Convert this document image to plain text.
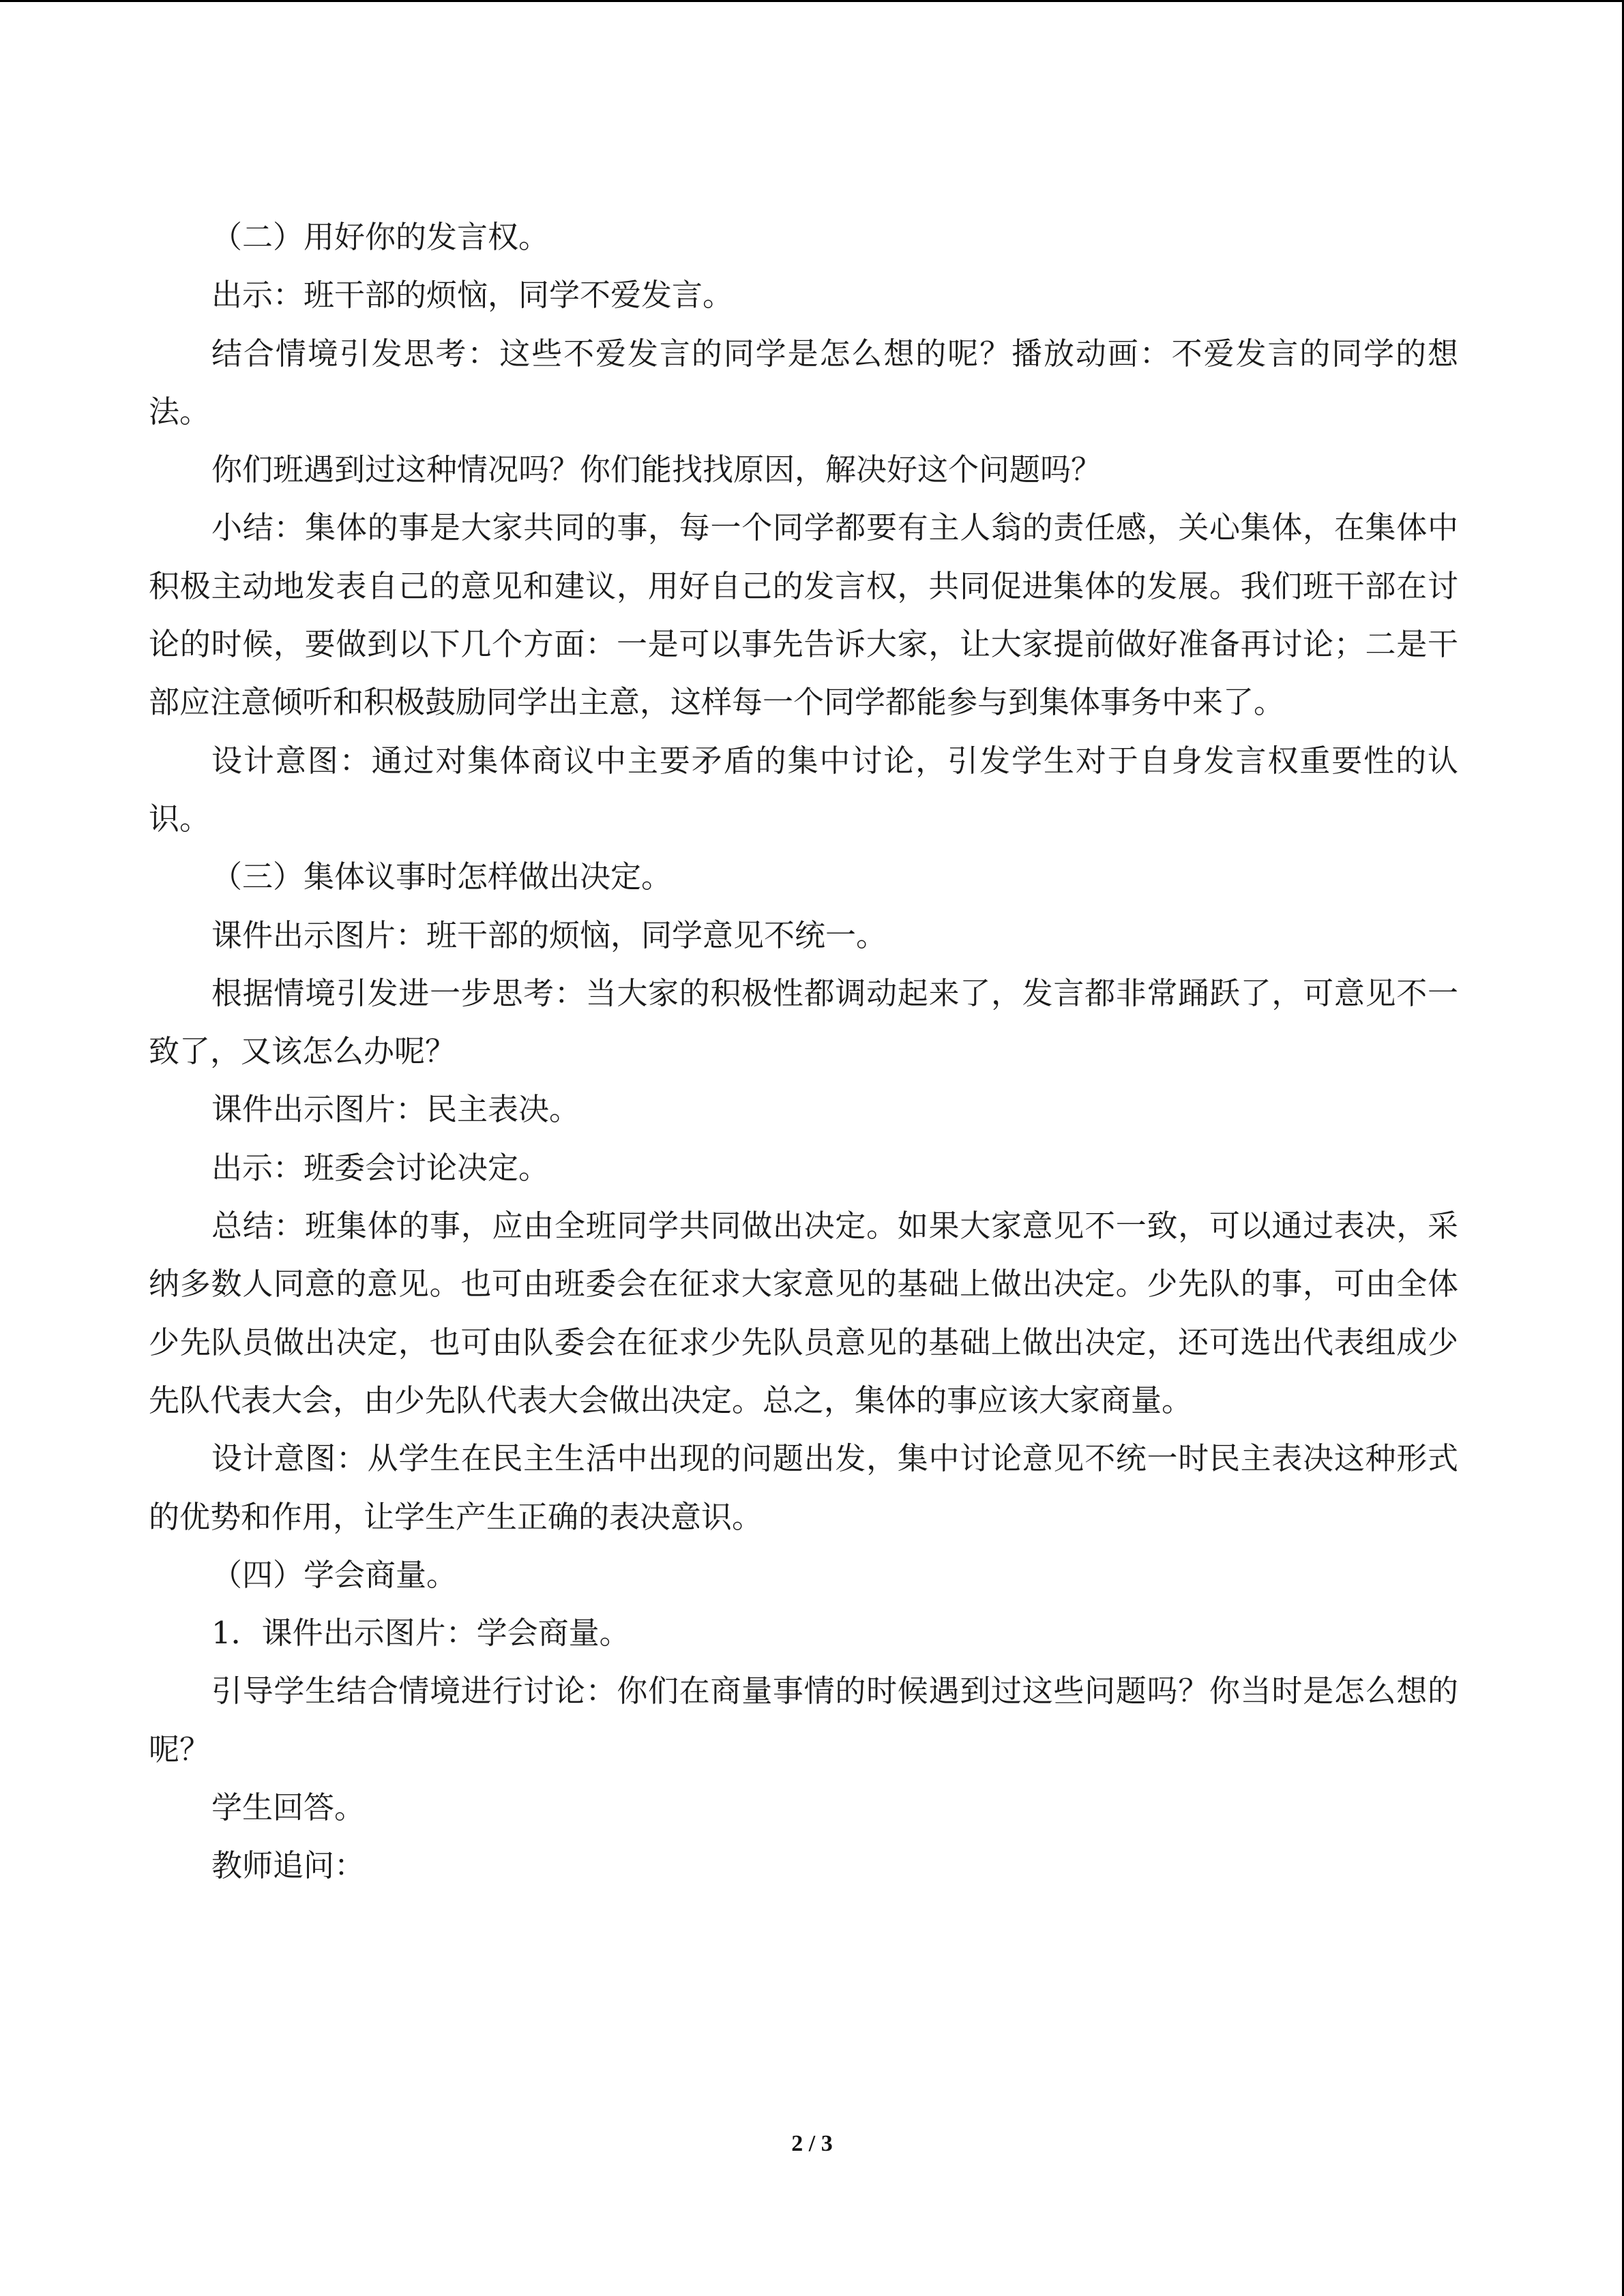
（二）用好你的发言权。

出示：班干部的烦恼，同学不爱发言。

结合情境引发思考：这些不爱发言的同学是怎么想的呢？播放动画：不爱发言的同学的想法。

你们班遇到过这种情况吗？你们能找找原因，解决好这个问题吗？

小结：集体的事是大家共同的事，每一个同学都要有主人翁的责任感，关心集体，在集体中积极主动地发表自己的意见和建议，用好自己的发言权，共同促进集体的发展。我们班干部在讨论的时候，要做到以下几个方面：一是可以事先告诉大家，让大家提前做好准备再讨论；二是干部应注意倾听和积极鼓励同学出主意，这样每一个同学都能参与到集体事务中来了。

设计意图：通过对集体商议中主要矛盾的集中讨论，引发学生对于自身发言权重要性的认识。

（三）集体议事时怎样做出决定。

课件出示图片：班干部的烦恼，同学意见不统一。

根据情境引发进一步思考：当大家的积极性都调动起来了，发言都非常踊跃了，可意见不一致了，又该怎么办呢？

课件出示图片：民主表决。

出示：班委会讨论决定。

总结：班集体的事，应由全班同学共同做出决定。如果大家意见不一致，可以通过表决，采纳多数人同意的意见。也可由班委会在征求大家意见的基础上做出决定。少先队的事，可由全体少先队员做出决定，也可由队委会在征求少先队员意见的基础上做出决定，还可选出代表组成少先队代表大会，由少先队代表大会做出决定。总之，集体的事应该大家商量。

设计意图：从学生在民主生活中出现的问题出发，集中讨论意见不统一时民主表决这种形式的优势和作用，让学生产生正确的表决意识。

（四）学会商量。

1．课件出示图片：学会商量。

引导学生结合情境进行讨论：你们在商量事情的时候遇到过这些问题吗？你当时是怎么想的呢？

学生回答。

教师追问：

2 / 3
